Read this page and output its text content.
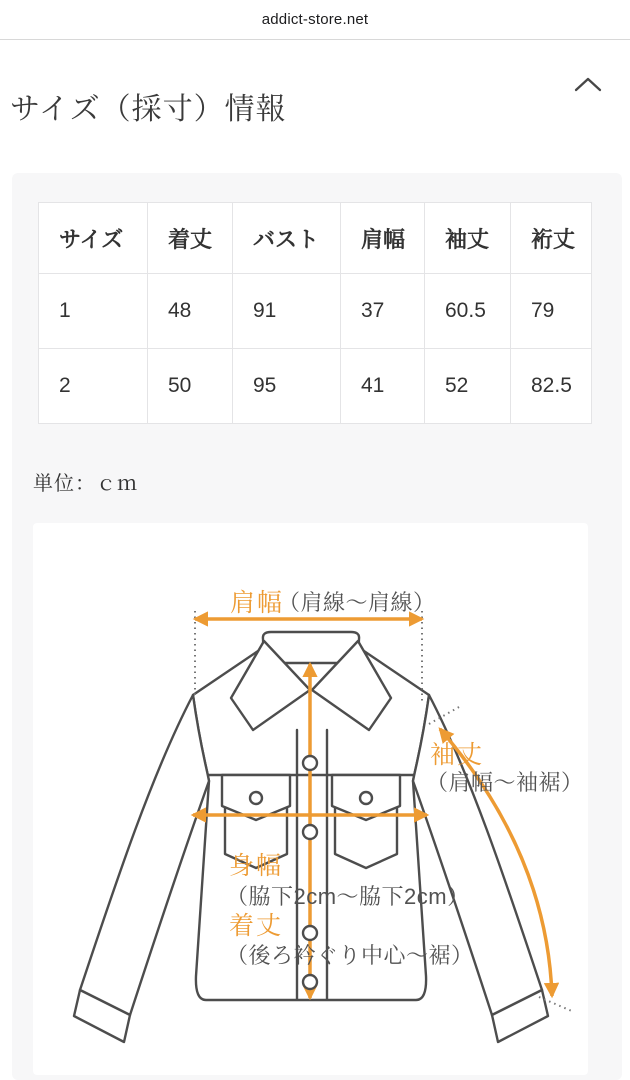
addict-store.net
サイズ（採寸）情報
サイズ	着丈	バスト	肩幅	袖丈	裄丈
1	48	91	37	60.5	79
2	50	95	41	52	82.5
単位：ｃｍ
肩幅
（肩線〜肩線）
袖丈
（肩幅〜袖裾）
身幅
（脇下2cm〜脇下2cm）
着丈
（後ろ衿ぐり中心〜裾）
